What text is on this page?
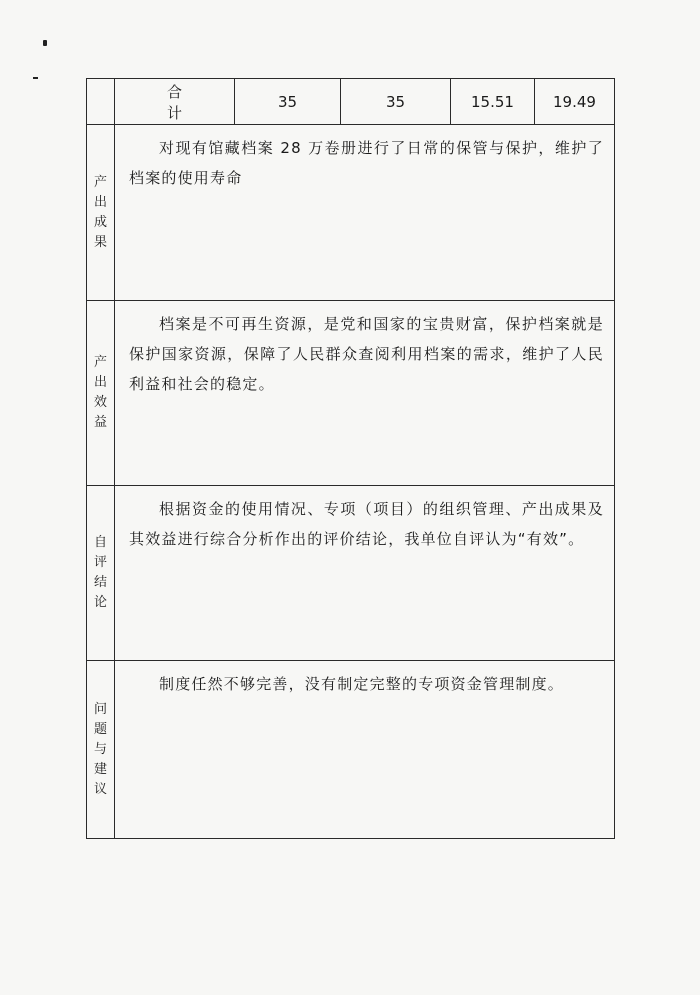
	合 计	35	35	15.51	19.49
产出成果	对现有馆藏档案 28 万卷册进行了日常的保管与保护，维护了档案的使用寿命				

产出效益	档案是不可再生资源，是党和国家的宝贵财富，保护档案就是保护国家资源，保障了人民群众查阅利用档案的需求，维护了人民利益和社会的稳定。				

自评结论	根据资金的使用情况、专项（项目）的组织管理、产出成果及其效益进行综合分析作出的评价结论，我单位自评认为“有效”。				

问题与建议	制度任然不够完善，没有制定完整的专项资金管理制度。				
